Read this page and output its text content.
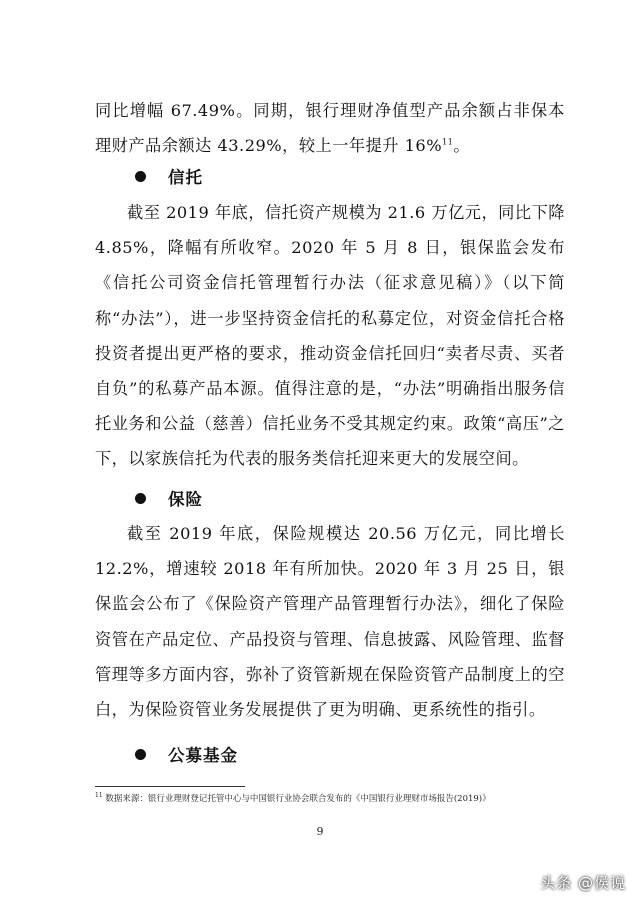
同比增幅 67.49%。同期，银行理财净值型产品余额占非保本理财产品余额达 43.29%，较上一年提升 16%$^{11}$。
信托
截至 2019 年底，信托资产规模为 21.6 万亿元，同比下降 4.85%，降幅有所收窄。2020 年 5 月 8 日，银保监会发布《信托公司资金信托管理暂行办法（征求意见稿）》（以下简称“办法”），进一步坚持资金信托的私募定位，对资金信托合格投资者提出更严格的要求，推动资金信托回归“卖者尽责、买者自负”的私募产品本源。值得注意的是，“办法”明确指出服务信托业务和公益（慈善）信托业务不受其规定约束。政策“高压”之下，以家族信托为代表的服务类信托迎来更大的发展空间。
保险
截至 2019 年底，保险规模达 20.56 万亿元，同比增长 12.2%，增速较 2018 年有所加快。2020 年 3 月 25 日，银保监会公布了《保险资产管理产品管理暂行办法》，细化了保险资管在产品定位、产品投资与管理、信息披露、风险管理、监督管理等多方面内容，弥补了资管新规在保险资管产品制度上的空白，为保险资管业务发展提供了更为明确、更系统性的指引。
公募基金
$^{11}$ 数据来源：银行业理财登记托管中心与中国银行业协会联合发布的《中国银行业理财市场报告(2019)》
9
头条 @侯说
